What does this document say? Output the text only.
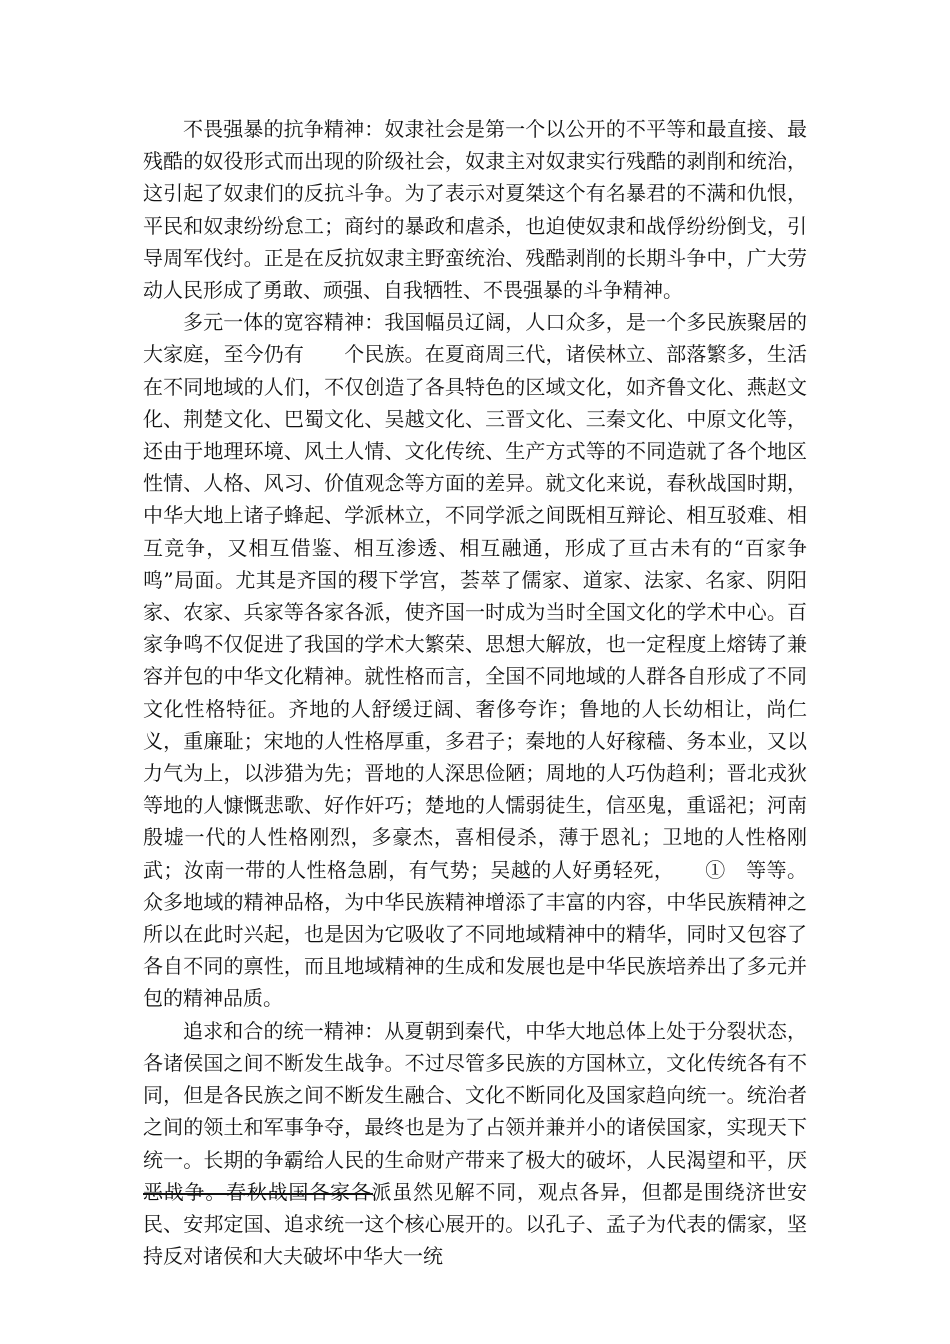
不畏强暴的抗争精神：奴隶社会是第一个以公开的不平等和最直接、最残酷的奴役形式而出现的阶级社会，奴隶主对奴隶实行残酷的剥削和统治，这引起了奴隶们的反抗斗争。为了表示对夏桀这个有名暴君的不满和仇恨，平民和奴隶纷纷怠工；商纣的暴政和虐杀，也迫使奴隶和战俘纷纷倒戈，引导周军伐纣。正是在反抗奴隶主野蛮统治、残酷剥削的长期斗争中，广大劳动人民形成了勇敢、顽强、自我牺牲、不畏强暴的斗争精神。

多元一体的宽容精神：我国幅员辽阔，人口众多，是一个多民族聚居的大家庭，至今仍有　　个民族。在夏商周三代，诸侯林立、部落繁多，生活在不同地域的人们，不仅创造了各具特色的区域文化，如齐鲁文化、燕赵文化、荆楚文化、巴蜀文化、吴越文化、三晋文化、三秦文化、中原文化等，还由于地理环境、风土人情、文化传统、生产方式等的不同造就了各个地区性情、人格、风习、价值观念等方面的差异。就文化来说，春秋战国时期，中华大地上诸子蜂起、学派林立，不同学派之间既相互辩论、相互驳难、相互竞争，又相互借鉴、相互渗透、相互融通，形成了亘古未有的“百家争鸣”局面。尤其是齐国的稷下学宫，荟萃了儒家、道家、法家、名家、阴阳家、农家、兵家等各家各派，使齐国一时成为当时全国文化的学术中心。百家争鸣不仅促进了我国的学术大繁荣、思想大解放，也一定程度上熔铸了兼容并包的中华文化精神。就性格而言，全国不同地域的人群各自形成了不同文化性格特征。齐地的人舒缓迂阔、奢侈夸诈；鲁地的人长幼相让，尚仁义，重廉耻；宋地的人性格厚重，多君子；秦地的人好稼穑、务本业，又以力气为上，以涉猎为先；晋地的人深思俭陋；周地的人巧伪趋利；晋北戎狄等地的人慷慨悲歌、好作奸巧；楚地的人懦弱徒生，信巫鬼，重谣祀；河南殷墟一代的人性格刚烈，多豪杰，喜相侵杀，薄于恩礼；卫地的人性格刚武；汝南一带的人性格急剧，有气势；吴越的人好勇轻死，　　①　等等。众多地域的精神品格，为中华民族精神增添了丰富的内容，中华民族精神之所以在此时兴起，也是因为它吸收了不同地域精神中的精华，同时又包容了各自不同的禀性，而且地域精神的生成和发展也是中华民族培养出了多元并包的精神品质。

追求和合的统一精神：从夏朝到秦代，中华大地总体上处于分裂状态，各诸侯国之间不断发生战争。不过尽管多民族的方国林立，文化传统各有不同，但是各民族之间不断发生融合、文化不断同化及国家趋向统一。统治者之间的领土和军事争夺，最终也是为了占领并兼并小的诸侯国家，实现天下统一。长期的争霸给人民的生命财产带来了极大的破坏，人民渴望和平，厌恶战争。春秋战国各家各派虽然见解不同，观点各异，但都是围绕济世安民、安邦定国、追求统一这个核心展开的。以孔子、孟子为代表的儒家，坚持反对诸侯和大夫破坏中华大一统
